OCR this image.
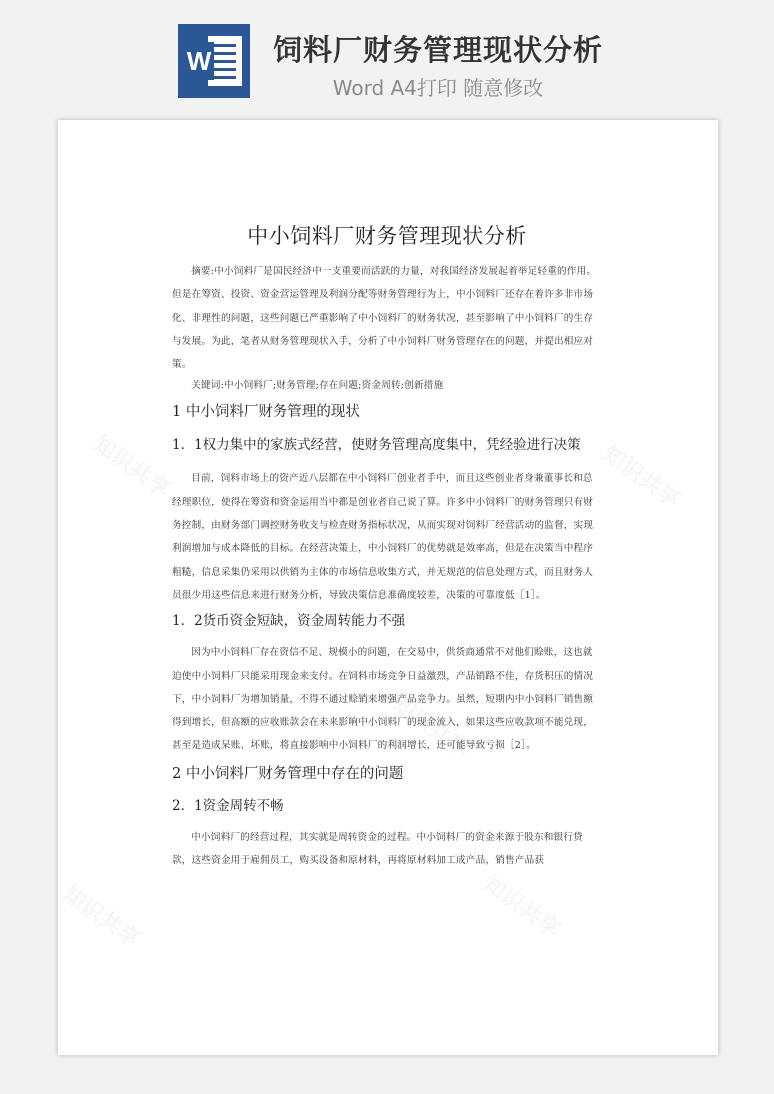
W 饲料厂财务管理现状分析
Word A4打印 随意修改
知识共享	知识共享
知识共享
知识共享	知识共享
中小饲料厂财务管理现状分析

摘要:中小饲料厂是国民经济中一支重要而活跃的力量，对我国经济发展起着举足轻重的作用。但是在筹资、投资、资金营运管理及利润分配等财务管理行为上，中小饲料厂还存在着许多非市场化、非理性的问题，这些问题已严重影响了中小饲料厂的财务状况，甚至影响了中小饲料厂的生存与发展。为此，笔者从财务管理现状入手，分析了中小饲料厂财务管理存在的问题，并提出相应对策。

关键词:中小饲料厂;财务管理;存在问题;资金周转;创新措施

1 中小饲料厂财务管理的现状
1．1权力集中的家族式经营，使财务管理高度集中，凭经验进行决策

目前，饲料市场上的资产近八层都在中小饲料厂创业者手中，而且这些创业者身兼董事长和总经理职位，使得在筹资和资金运用当中都是创业者自己说了算。许多中小饲料厂的财务管理只有财务控制，由财务部门调控财务收支与检查财务指标状况，从而实现对饲料厂经营活动的监督，实现利润增加与成本降低的目标。在经营决策上，中小饲料厂的优势就是效率高，但是在决策当中程序粗糙，信息采集仍采用以供销为主体的市场信息收集方式，并无规范的信息处理方式，而且财务人员很少用这些信息来进行财务分析，导致决策信息准确度较差，决策的可靠度低［1］。

1．2货币资金短缺，资金周转能力不强

因为中小饲料厂存在资信不足、规模小的问题，在交易中，供货商通常不对他们赊账，这也就迫使中小饲料厂只能采用现金来支付。在饲料市场竞争日益激烈，产品销路不佳，存货积压的情况下，中小饲料厂为增加销量，不得不通过赊销来增强产品竞争力。虽然，短期内中小饲料厂销售额得到增长，但高额的应收账款会在未来影响中小饲料厂的现金流入，如果这些应收款项不能兑现，甚至是造成呆账、坏账，将直接影响中小饲料厂的利润增长，还可能导致亏损［2］。

2 中小饲料厂财务管理中存在的问题
2．1资金周转不畅

中小饲料厂的经营过程，其实就是周转资金的过程。中小饲料厂的资金来源于股东和银行贷款，这些资金用于雇佣员工，购买设备和原材料，再将原材料加工成产品，销售产品获
